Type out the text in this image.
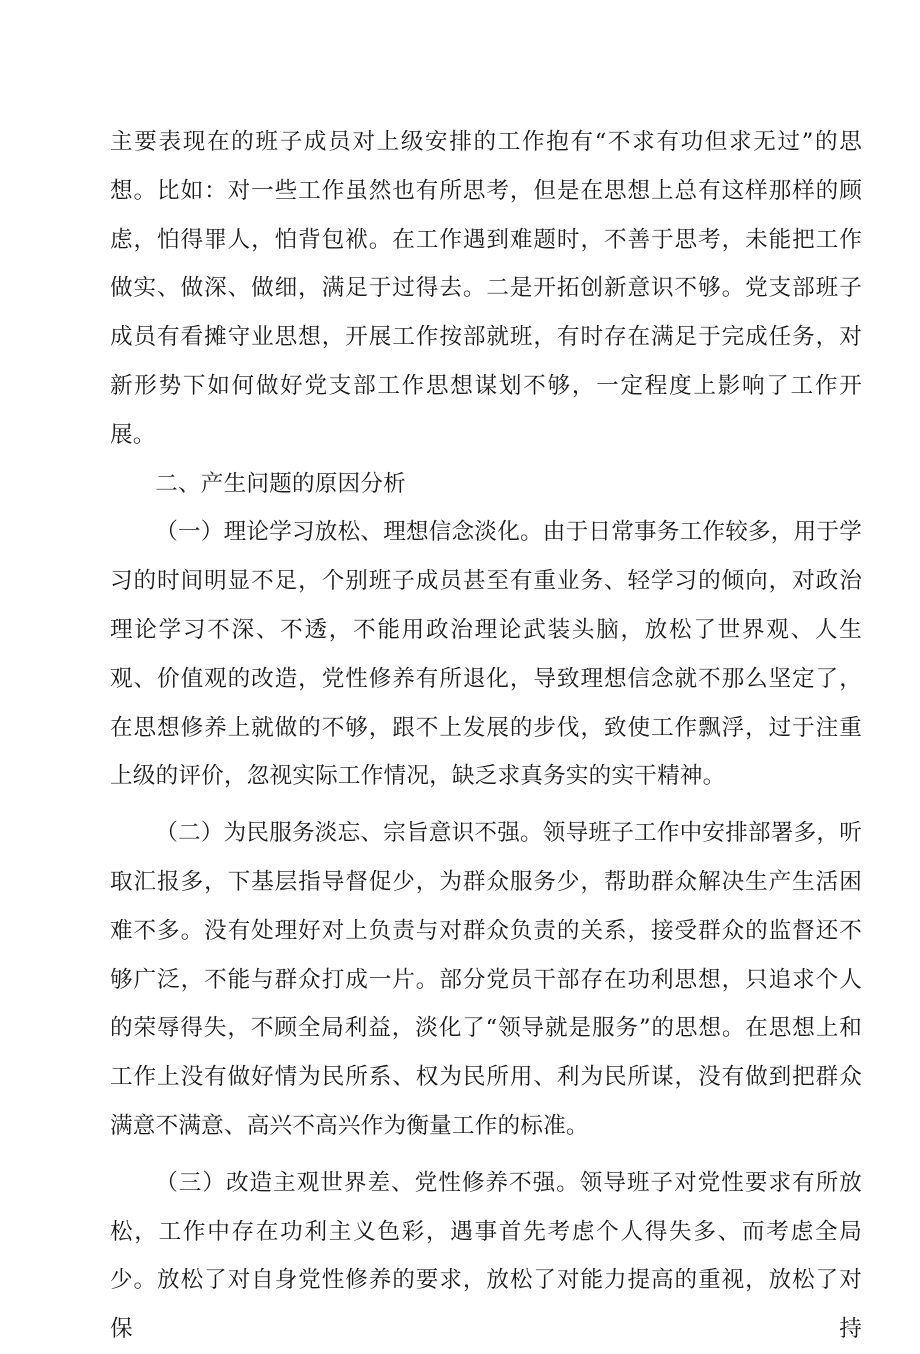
主要表现在的班子成员对上级安排的工作抱有“不求有功但求无过”的思想。比如：对一些工作虽然也有所思考，但是在思想上总有这样那样的顾虑，怕得罪人，怕背包袱。在工作遇到难题时，不善于思考，未能把工作做实、做深、做细，满足于过得去。二是开拓创新意识不够。党支部班子成员有看摊守业思想，开展工作按部就班，有时存在满足于完成任务，对新形势下如何做好党支部工作思想谋划不够，一定程度上影响了工作开展。

二、产生问题的原因分析

（一）理论学习放松、理想信念淡化。由于日常事务工作较多，用于学习的时间明显不足，个别班子成员甚至有重业务、轻学习的倾向，对政治理论学习不深、不透，不能用政治理论武装头脑，放松了世界观、人生观、价值观的改造，党性修养有所退化，导致理想信念就不那么坚定了，在思想修养上就做的不够，跟不上发展的步伐，致使工作飘浮，过于注重上级的评价，忽视实际工作情况，缺乏求真务实的实干精神。

（二）为民服务淡忘、宗旨意识不强。领导班子工作中安排部署多，听取汇报多，下基层指导督促少，为群众服务少，帮助群众解决生产生活困难不多。没有处理好对上负责与对群众负责的关系，接受群众的监督还不够广泛，不能与群众打成一片。部分党员干部存在功利思想，只追求个人的荣辱得失，不顾全局利益，淡化了“领导就是服务”的思想。在思想上和工作上没有做好情为民所系、权为民所用、利为民所谋，没有做到把群众满意不满意、高兴不高兴作为衡量工作的标准。

（三）改造主观世界差、党性修养不强。领导班子对党性要求有所放松，工作中存在功利主义色彩，遇事首先考虑个人得失多、而考虑全局少。放松了对自身党性修养的要求，放松了对能力提高的重视，放松了对保持
